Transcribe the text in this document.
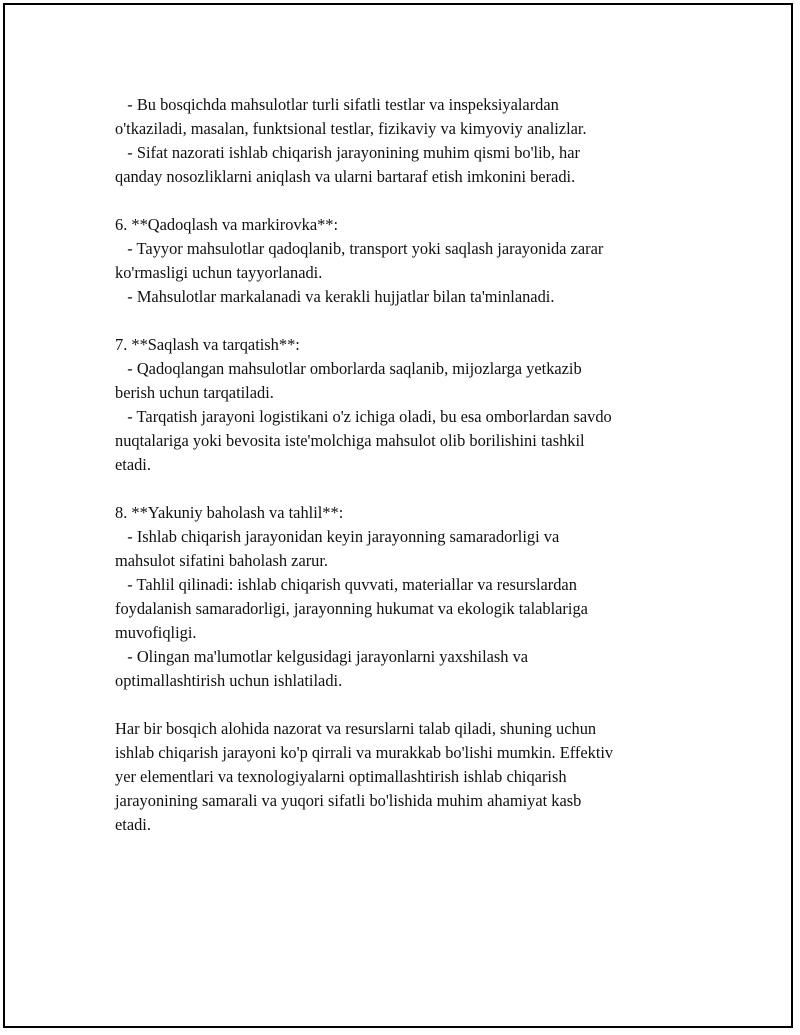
- Bu bosqichda mahsulotlar turli sifatli testlar va inspeksiyalardan
o'tkaziladi, masalan, funktsional testlar, fizikaviy va kimyoviy analizlar.
- Sifat nazorati ishlab chiqarish jarayonining muhim qismi bo'lib, har
qanday nosozliklarni aniqlash va ularni bartaraf etish imkonini beradi.
6. **Qadoqlash va markirovka**:
- Tayyor mahsulotlar qadoqlanib, transport yoki saqlash jarayonida zarar
ko'rmasligi uchun tayyorlanadi.
- Mahsulotlar markalanadi va kerakli hujjatlar bilan ta'minlanadi.
7. **Saqlash va tarqatish**:
- Qadoqlangan mahsulotlar omborlarda saqlanib, mijozlarga yetkazib
berish uchun tarqatiladi.
- Tarqatish jarayoni logistikani o'z ichiga oladi, bu esa omborlardan savdo
nuqtalariga yoki bevosita iste'molchiga mahsulot olib borilishini tashkil
etadi.
8. **Yakuniy baholash va tahlil**:
- Ishlab chiqarish jarayonidan keyin jarayonning samaradorligi va
mahsulot sifatini baholash zarur.
- Tahlil qilinadi: ishlab chiqarish quvvati, materiallar va resurslardan
foydalanish samaradorligi, jarayonning hukumat va ekologik talablariga
muvofiqligi.
- Olingan ma'lumotlar kelgusidagi jarayonlarni yaxshilash va
optimallashtirish uchun ishlatiladi.
Har bir bosqich alohida nazorat va resurslarni talab qiladi, shuning uchun
ishlab chiqarish jarayoni ko'p qirrali va murakkab bo'lishi mumkin. Effektiv
yer elementlari va texnologiyalarni optimallashtirish ishlab chiqarish
jarayonining samarali va yuqori sifatli bo'lishida muhim ahamiyat kasb
etadi.
